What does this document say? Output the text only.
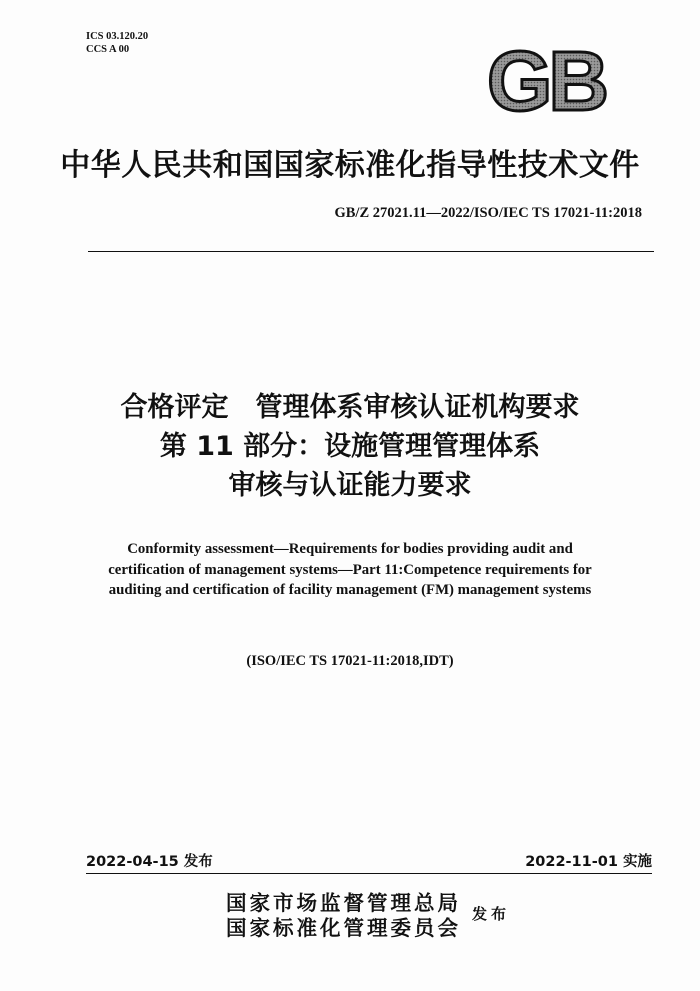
ICS 03.120.20
CCS A 00	GB
中华人民共和国国家标准化指导性技术文件
GB/Z 27021.11—2022/ISO/IEC TS 17021-11:2018
合格评定　管理体系审核认证机构要求
第 11 部分：设施管理管理体系
审核与认证能力要求
Conformity assessment—Requirements for bodies providing audit and
certification of management systems—Part 11:Competence requirements for
auditing and certification of facility management (FM) management systems
(ISO/IEC TS 17021-11:2018,IDT)
2022-04-15 发布	2022-11-01 实施
国家市场监督管理总局
国家标准化管理委员会
发布
